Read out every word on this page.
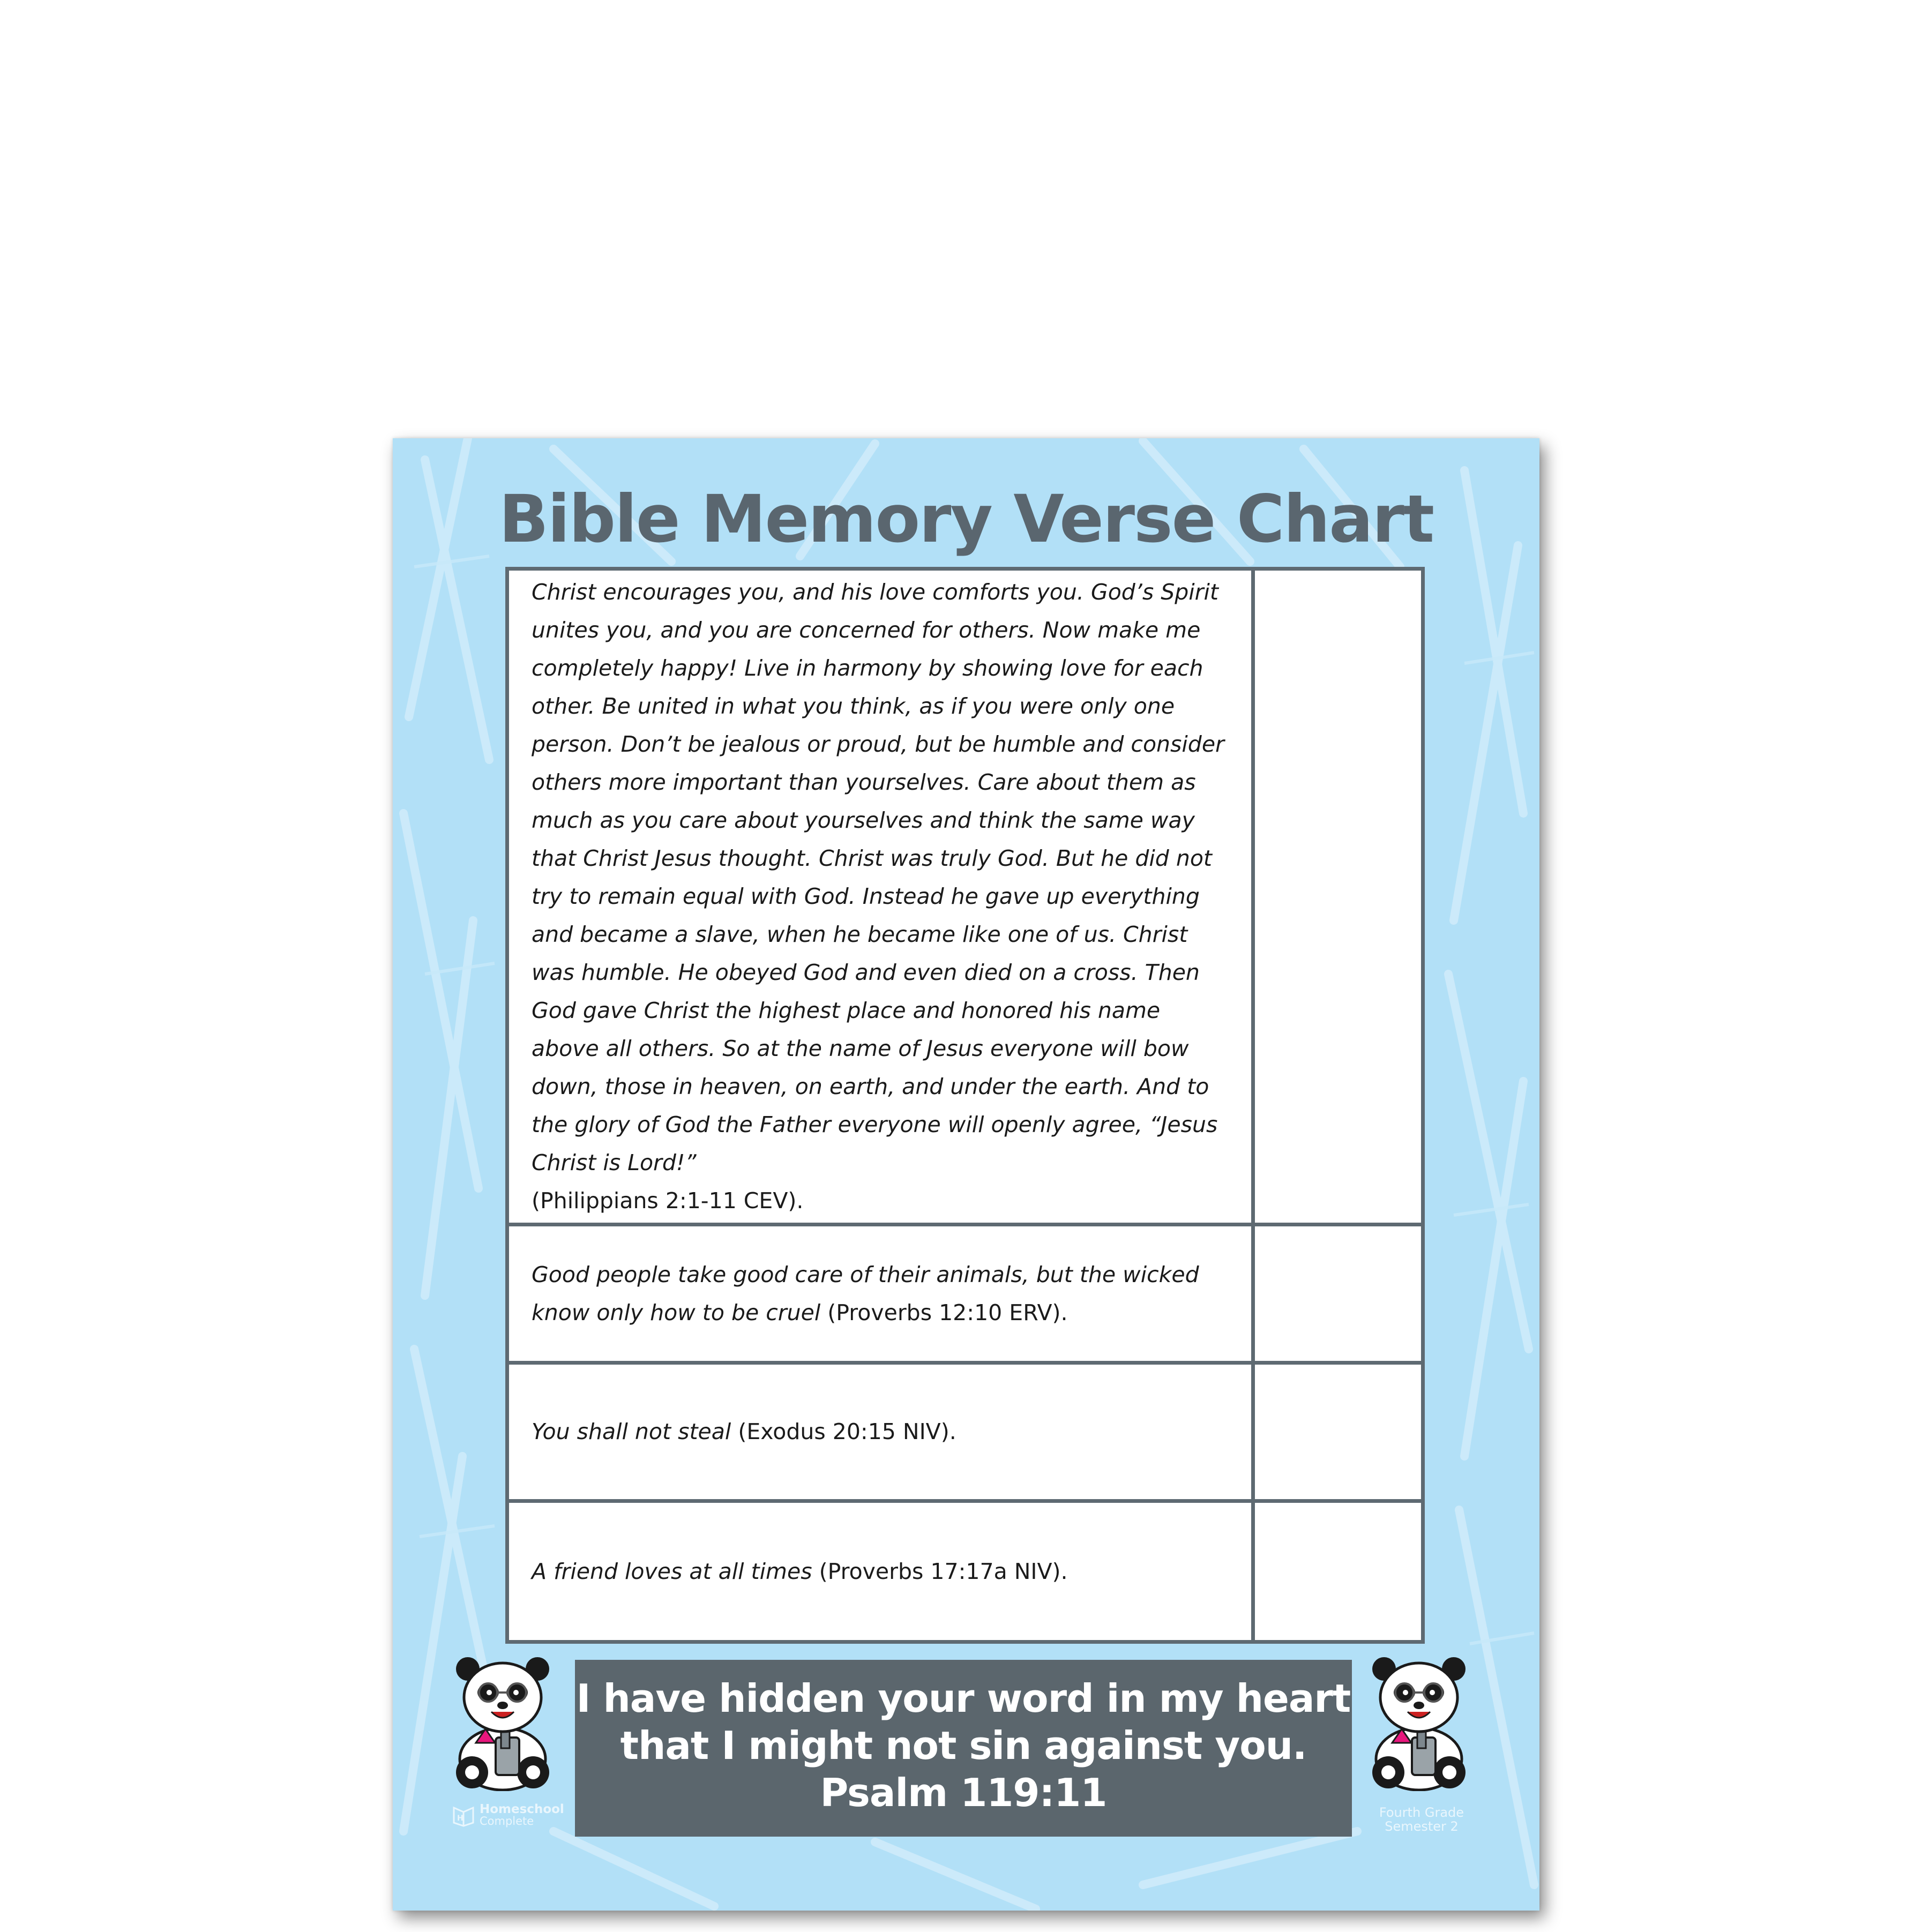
Bible Memory Verse Chart
Christ encourages you, and his love comforts you. God’s Spirit unites you, and you are concerned for others. Now make me completely happy! Live in harmony by showing love for each other. Be united in what you think, as if you were only one person. Don’t be jealous or proud, but be humble and consider others more important than yourselves. Care about them as much as you care about yourselves and think the same way that Christ Jesus thought. Christ was truly God. But he did not try to remain equal with God. Instead he gave up everything and became a slave, when he became like one of us. Christ was humble. He obeyed God and even died on a cross. Then God gave Christ the highest place and honored his name above all others. So at the name of Jesus everyone will bow down, those in heaven, on earth, and under the earth. And to the glory of God the Father everyone will openly agree, “Jesus Christ is Lord!”
(Philippians 2:1-11 CEV).
Good people take good care of their animals, but the wicked know only how to be cruel (Proverbs 12:10 ERV).
You shall not steal (Exodus 20:15 NIV).
A friend loves at all times (Proverbs 17:17a NIV).
I have hidden your word in my heart
that I might not sin against you.
Psalm 119:11
H
Homeschool
Complete
Fourth Grade
Semester 2
